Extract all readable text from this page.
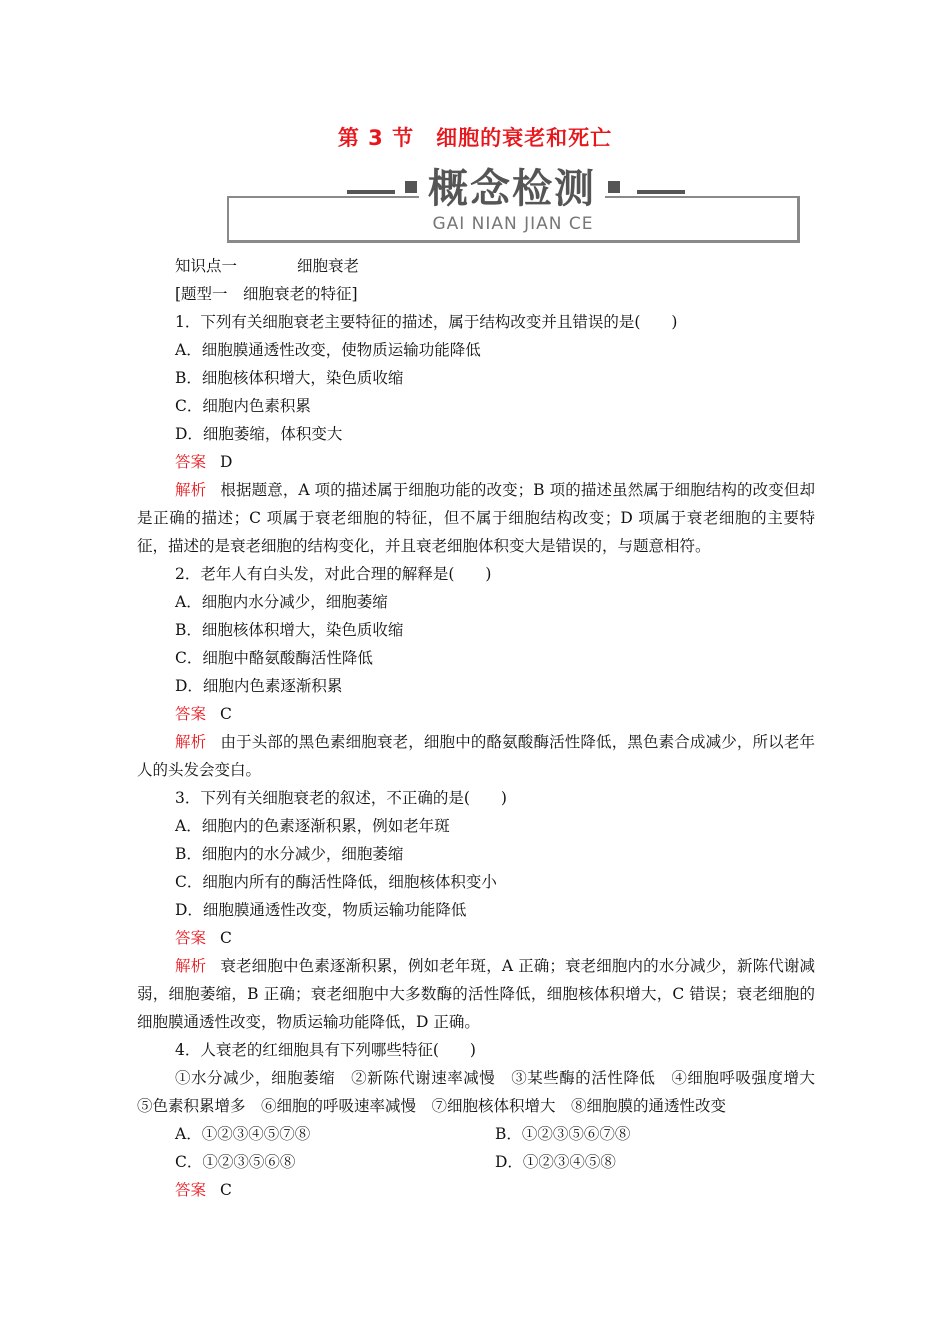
第 3 节　细胞的衰老和死亡
概念检测
GAI NIAN JIAN CE

知识点一	细胞衰老

[题型一　细胞衰老的特征]

1．下列有关细胞衰老主要特征的描述，属于结构改变并且错误的是(　　)

A．细胞膜通透性改变，使物质运输功能降低

B．细胞核体积增大，染色质收缩

C．细胞内色素积累

D．细胞萎缩，体积变大

答案 D

解析 根据题意，A 项的描述属于细胞功能的改变；B 项的描述虽然属于细胞结构的改变但却是正确的描述；C 项属于衰老细胞的特征，但不属于细胞结构改变；D 项属于衰老细胞的主要特征，描述的是衰老细胞的结构变化，并且衰老细胞体积变大是错误的，与题意相符。

2．老年人有白头发，对此合理的解释是(　　)

A．细胞内水分减少，细胞萎缩

B．细胞核体积增大，染色质收缩

C．细胞中酪氨酸酶活性降低

D．细胞内色素逐渐积累

答案 C

解析 由于头部的黑色素细胞衰老，细胞中的酪氨酸酶活性降低，黑色素合成减少，所以老年人的头发会变白。

3．下列有关细胞衰老的叙述，不正确的是(　　)

A．细胞内的色素逐渐积累，例如老年斑

B．细胞内的水分减少，细胞萎缩

C．细胞内所有的酶活性降低，细胞核体积变小

D．细胞膜通透性改变，物质运输功能降低

答案 C

解析 衰老细胞中色素逐渐积累，例如老年斑，A 正确；衰老细胞内的水分减少，新陈代谢减弱，细胞萎缩，B 正确；衰老细胞中大多数酶的活性降低，细胞核体积增大，C 错误；衰老细胞的细胞膜通透性改变，物质运输功能降低，D 正确。

4．人衰老的红细胞具有下列哪些特征(　　)

①水分减少，细胞萎缩　②新陈代谢速率减慢　③某些酶的活性降低　④细胞呼吸强度增大　⑤色素积累增多　⑥细胞的呼吸速率减慢　⑦细胞核体积增大　⑧细胞膜的通透性改变

A．①②③④⑤⑦⑧	B．①②③⑤⑥⑦⑧
C．①②③⑤⑥⑧	D．①②③④⑤⑧

答案 C
